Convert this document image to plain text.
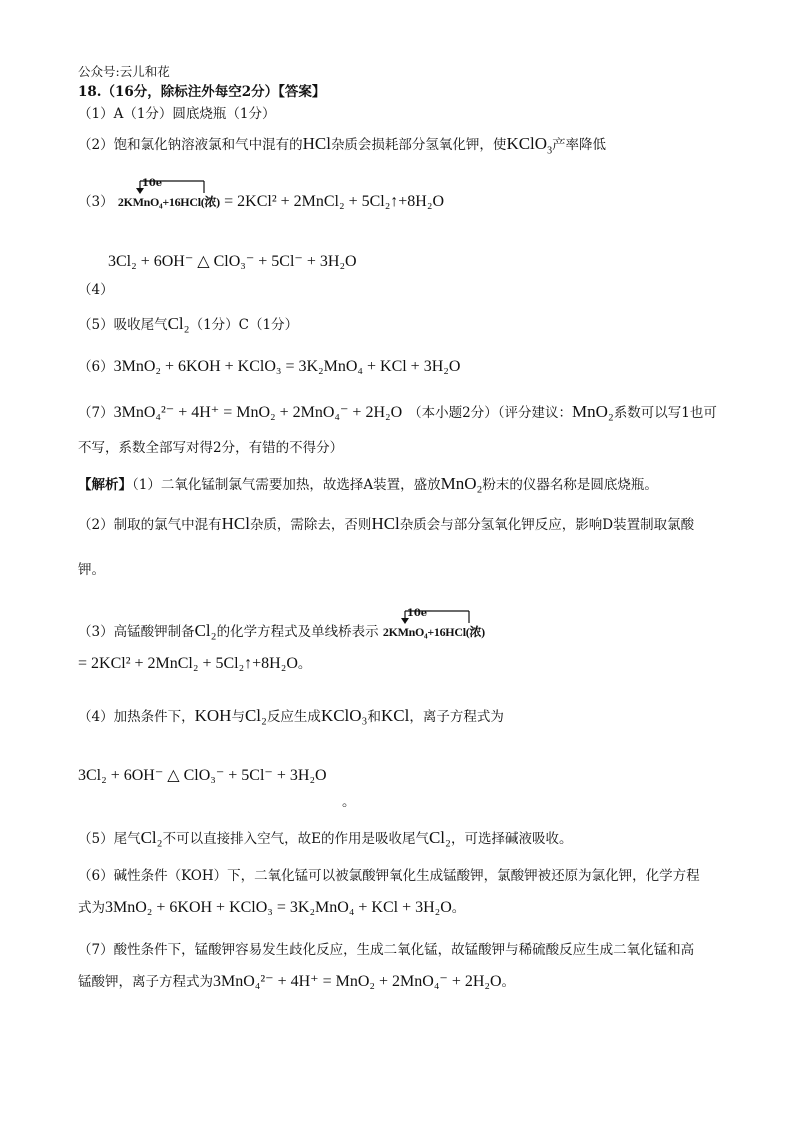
公众号:云儿和花
18.（16分，除标注外每空2分）【答案】
（1）A（1分）圆底烧瓶（1分）
（2）饱和氯化钠溶液氯和气中混有的HCl杂质会损耗部分氢氧化钾，使KClO$_3$产率降低
（3）
10e⁻
2KMnO₄+16HCl(浓) = 2KCl² + 2MnCl₂ + 5Cl₂↑+8H₂O
3Cl₂ + 6OH⁻ △ ClO₃⁻ + 5Cl⁻ + 3H₂O
（4）
（5）吸收尾气Cl₂（1分）C（1分）
（6）3MnO₂ + 6KOH + KClO₃ = 3K₂MnO₄ + KCl + 3H₂O
（7）3MnO₄²⁻ + 4H⁺ = MnO₂ + 2MnO₄⁻ + 2H₂O （本小题2分）（评分建议：MnO₂系数可以写1也可
不写，系数全部写对得2分，有错的不得分）
【解析】（1）二氧化锰制氯气需要加热，故选择A装置，盛放MnO₂粉末的仪器名称是圆底烧瓶。
（2）制取的氯气中混有HCl杂质，需除去，否则HCl杂质会与部分氢氧化钾反应，影响D装置制取氯酸
钾。
（3）高锰酸钾制备Cl₂的化学方程式及单线桥表示
10e⁻
2KMnO₄+16HCl(浓)
= 2KCl² + 2MnCl₂ + 5Cl₂↑+8H₂O。
（4）加热条件下，KOH与Cl₂反应生成KClO₃和KCl，离子方程式为
3Cl₂ + 6OH⁻ △ ClO₃⁻ + 5Cl⁻ + 3H₂O
。
（5）尾气Cl₂不可以直接排入空气，故E的作用是吸收尾气Cl₂，可选择碱液吸收。
（6）碱性条件（KOH）下，二氧化锰可以被氯酸钾氧化生成锰酸钾，氯酸钾被还原为氯化钾，化学方程
式为3MnO₂ + 6KOH + KClO₃ = 3K₂MnO₄ + KCl + 3H₂O。
（7）酸性条件下，锰酸钾容易发生歧化反应，生成二氧化锰，故锰酸钾与稀硫酸反应生成二氧化锰和高
锰酸钾，离子方程式为3MnO₄²⁻ + 4H⁺ = MnO₂ + 2MnO₄⁻ + 2H₂O。
